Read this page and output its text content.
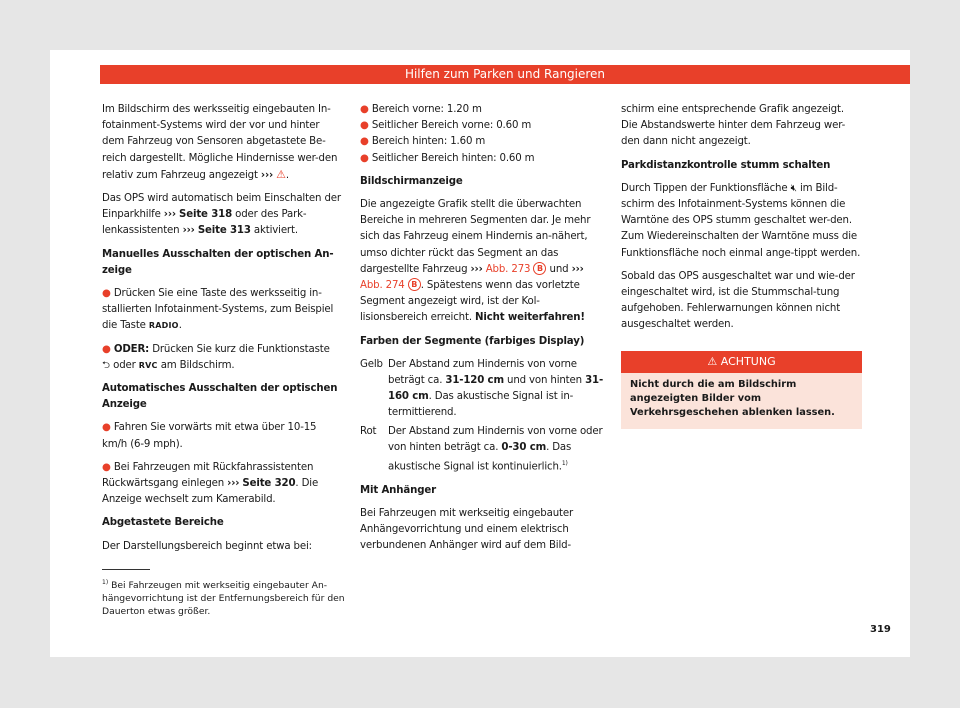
Hilfen zum Parken und Rangieren

Im Bildschirm des werksseitig eingebauten In-fotainment-Systems wird der vor und hinter dem Fahrzeug von Sensoren abgetastete Be-reich dargestellt. Mögliche Hindernisse wer-den relativ zum Fahrzeug angezeigt ››› ⚠.

Das OPS wird automatisch beim Einschalten der Einparkhilfe ››› Seite 318 oder des Park-lenkassistenten ››› Seite 313 aktiviert.

Manuelles Ausschalten der optischen An-zeige

● Drücken Sie eine Taste des werksseitig in-stallierten Infotainment-Systems, zum Beispiel die Taste RADIO.

● ODER: Drücken Sie kurz die Funktionstaste
⮌ oder RVC am Bildschirm.

Automatisches Ausschalten der optischen Anzeige

● Fahren Sie vorwärts mit etwa über 10-15 km/h (6-9 mph).

● Bei Fahrzeugen mit Rückfahrassistenten Rückwärtsgang einlegen ››› Seite 320. Die Anzeige wechselt zum Kamerabild.

Abgetastete Bereiche

Der Darstellungsbereich beginnt etwa bei:

● Bereich vorne: 1.20 m
● Seitlicher Bereich vorne: 0.60 m
● Bereich hinten: 1.60 m
● Seitlicher Bereich hinten: 0.60 m

Bildschirmanzeige

Die angezeigte Grafik stellt die überwachten Bereiche in mehreren Segmenten dar. Je mehr sich das Fahrzeug einem Hindernis an-nähert, umso dichter rückt das Segment an das dargestellte Fahrzeug ››› Abb. 273 B und ››› Abb. 274 B . Spätestens wenn das vorletzte Segment angezeigt wird, ist der Kol-lisionsbereich erreicht. Nicht weiterfahren!

Farben der Segmente (farbiges Display)

Gelb Der Abstand zum Hindernis von vorne beträgt ca. 31-120 cm und von hinten 31-160 cm. Das akustische Signal ist in-termittierend.
Rot	Der Abstand zum Hindernis von vorne oder von hinten beträgt ca. 0-30 cm. Das akustische Signal ist kontinuierlich.$^{1)}$

Mit Anhänger

Bei Fahrzeugen mit werkseitig eingebauter Anhängevorrichtung und einem elektrisch verbundenen Anhänger wird auf dem Bild-

schirm eine entsprechende Grafik angezeigt. Die Abstandswerte hinter dem Fahrzeug wer-den dann nicht angezeigt.

Parkdistanzkontrolle stumm schalten

Durch Tippen der Funktionsfläche 🔇︎ im Bild-schirm des Infotainment-Systems können die Warntöne des OPS stumm geschaltet wer-den. Zum Wiedereinschalten der Warntöne muss die Funktionsfläche noch einmal ange-tippt werden.

Sobald das OPS ausgeschaltet war und wie-der eingeschaltet wird, ist die Stummschal-tung aufgehoben. Fehlerwarnungen können nicht ausgeschaltet werden.

⚠ ACHTUNG
Nicht durch die am Bildschirm angezeigten Bilder vom Verkehrsgeschehen ablenken lassen.
$^{1)}$ Bei Fahrzeugen mit werkseitig eingebauter An-hängevorrichtung ist der Entfernungsbereich für den Dauerton etwas größer.
319
